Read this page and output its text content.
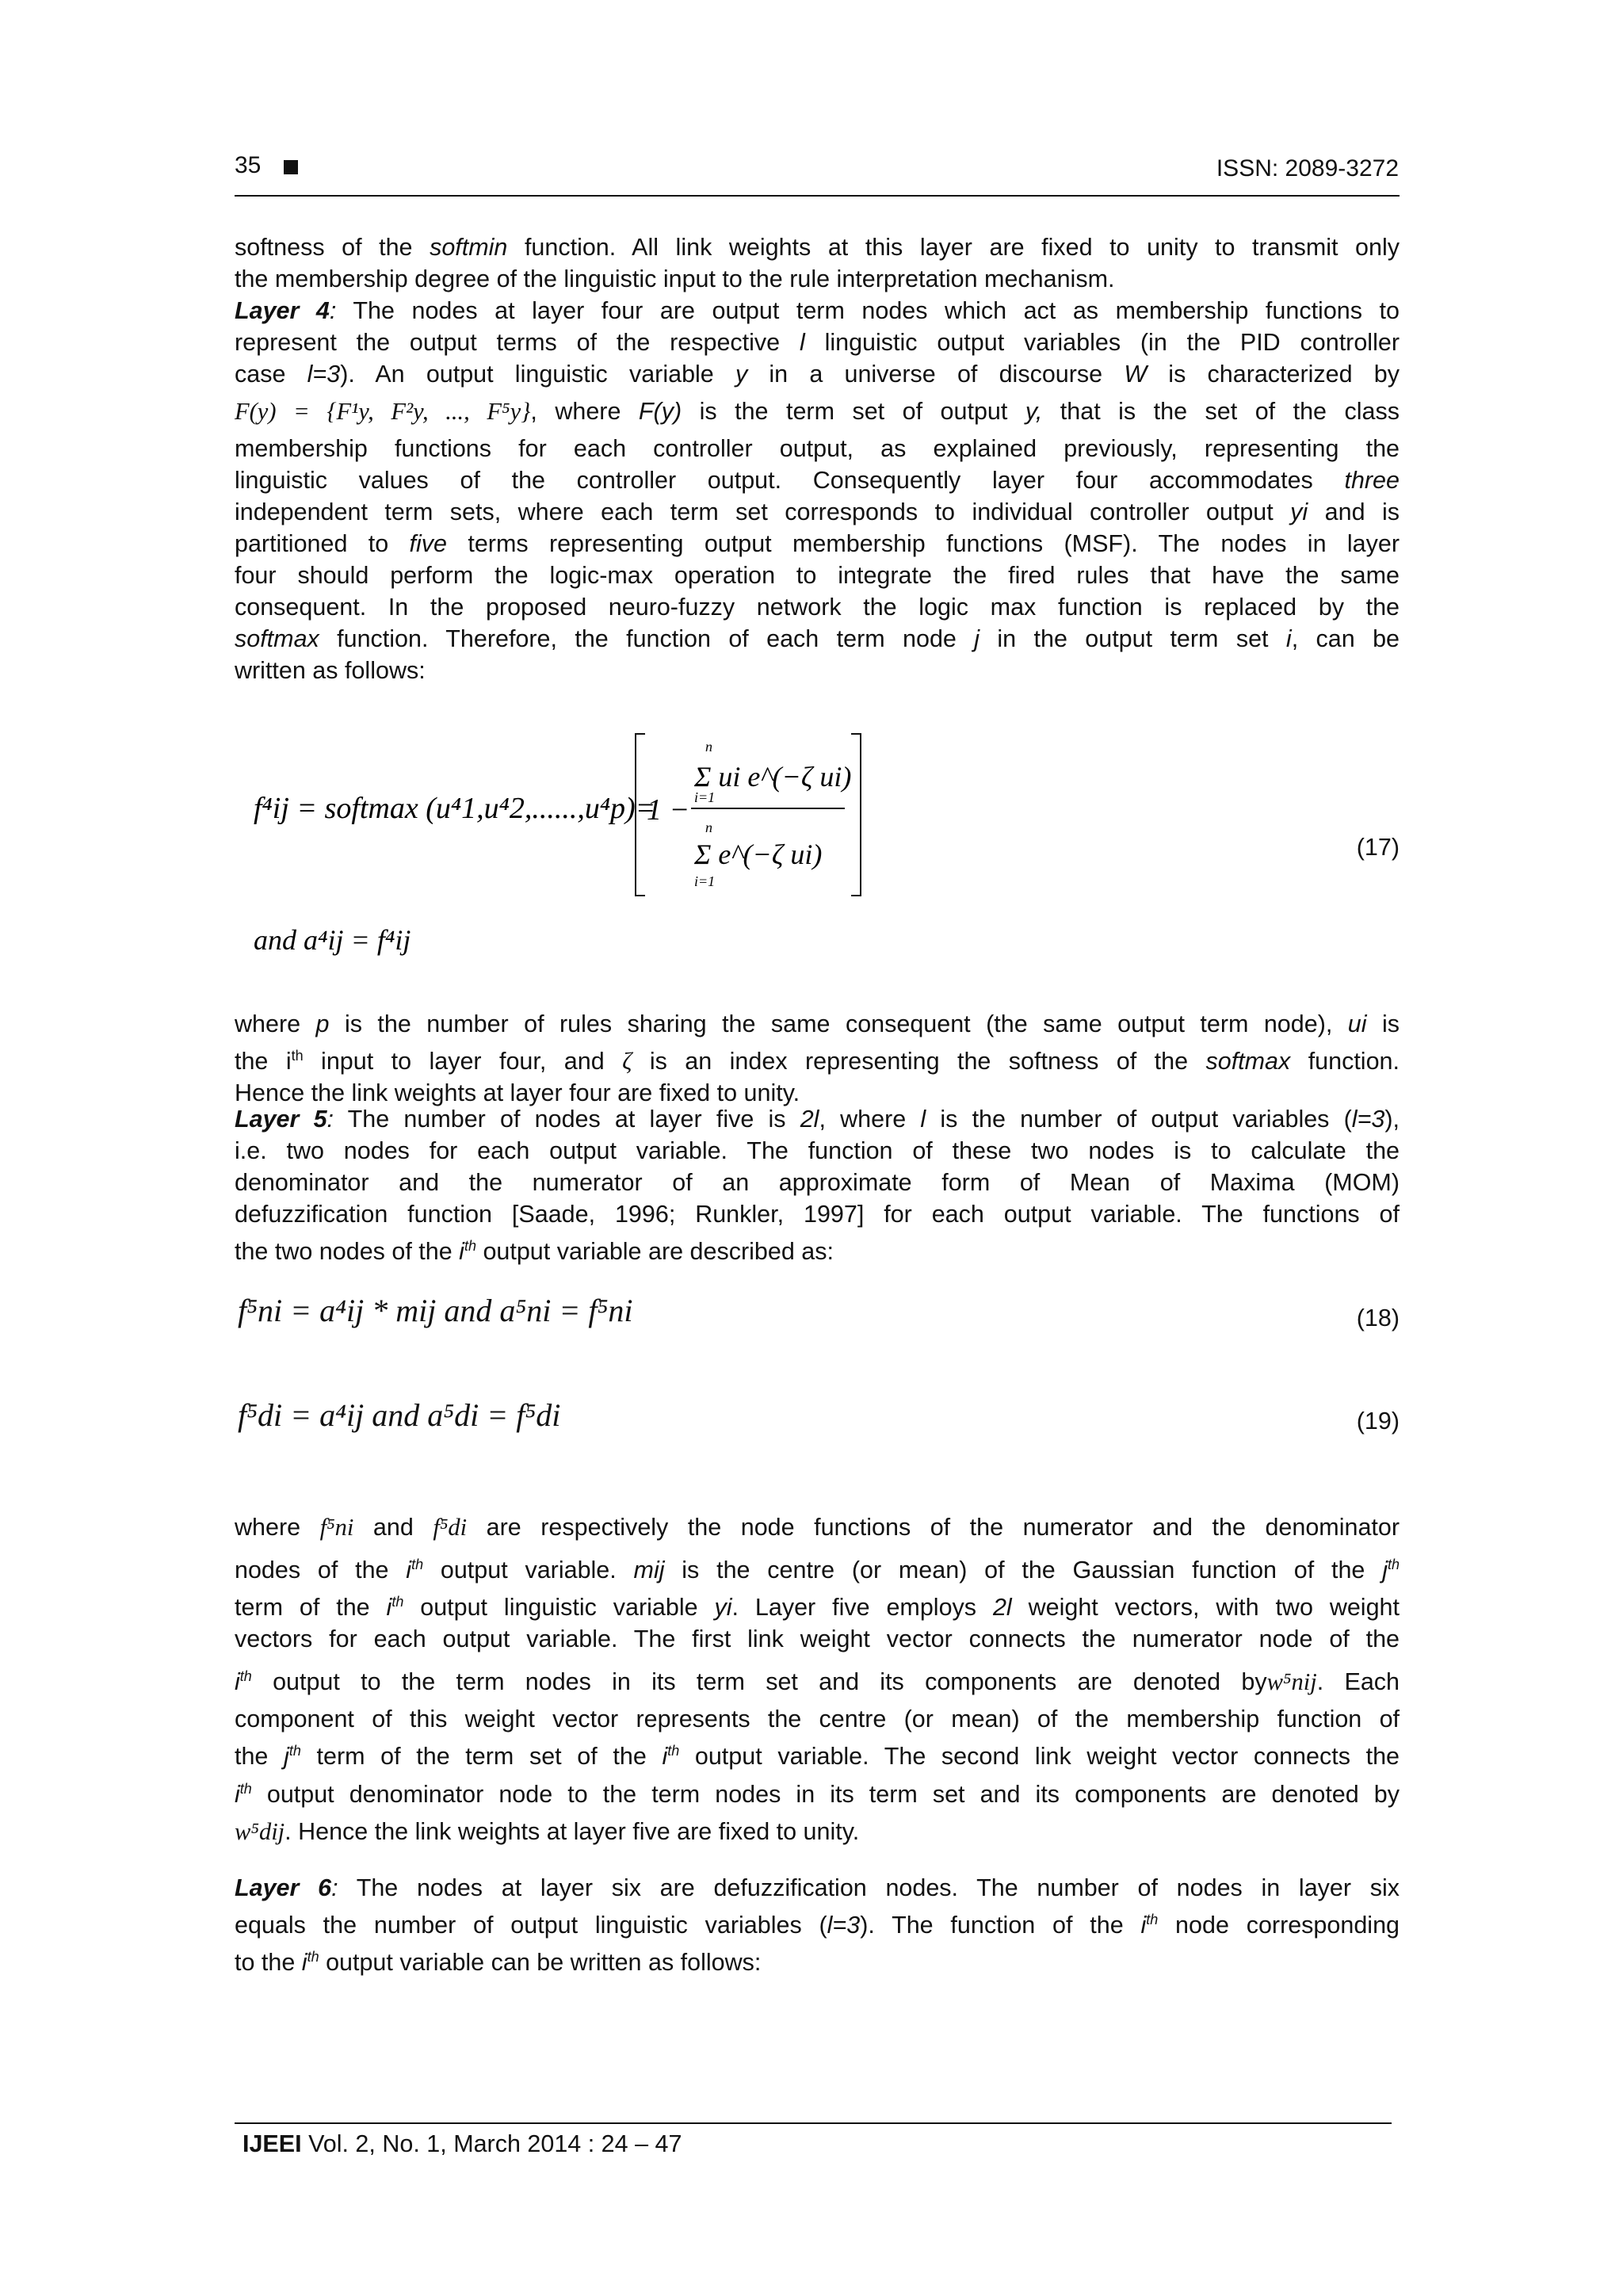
35	ISSN: 2089-3272
softness of the softmin function. All link weights at this layer are fixed to unity to transmit only
the membership degree of the linguistic input to the rule interpretation mechanism.
Layer 4: The nodes at layer four are output term nodes which act as membership functions to
represent the output terms of the respective l linguistic output variables (in the PID controller
case l=3). An output linguistic variable y in a universe of discourse W is characterized by
F(y) = {F¹y, F²y, ..., F⁵y}, where F(y) is the term set of output y, that is the set of the class
membership functions for each controller output, as explained previously, representing the
linguistic values of the controller output. Consequently layer four accommodates three
independent term sets, where each term set corresponds to individual controller output yi and is
partitioned to five terms representing output membership functions (MSF). The nodes in layer
four should perform the logic-max operation to integrate the fired rules that have the same
consequent. In the proposed neuro-fuzzy network the logic max function is replaced by the
softmax function. Therefore, the function of each term node j in the output term set i, can be
written as follows:
f⁴ij = softmax (u⁴1,u⁴2,......,u⁴p)=
1 −
n
i=1
Σ ui e^(−ζ ui)
n
i=1
Σ e^(−ζ ui)
and a⁴ij = f⁴ij
(17)
where p is the number of rules sharing the same consequent (the same output term node), ui is
the $i^{th}$ input to layer four, and ζ is an index representing the softness of the softmax function.
Hence the link weights at layer four are fixed to unity.
Layer 5: The number of nodes at layer five is 2l, where l is the number of output variables (l=3),
i.e. two nodes for each output variable. The function of these two nodes is to calculate the
denominator and the numerator of an approximate form of Mean of Maxima (MOM)
defuzzification function [Saade, 1996; Runkler, 1997] for each output variable. The functions of
the two nodes of the $i^{th}$ output variable are described as:
f⁵ni = a⁴ij * mij and a⁵ni = f⁵ni	(18)
f⁵di = a⁴ij and a⁵di = f⁵di	(19)
where f⁵ni and f⁵di are respectively the node functions of the numerator and the denominator
nodes of the $i^{th}$ output variable. mij is the centre (or mean) of the Gaussian function of the $j^{th}$
term of the $i^{th}$ output linguistic variable yi. Layer five employs 2l weight vectors, with two weight
vectors for each output variable. The first link weight vector connects the numerator node of the
$i^{th}$ output to the term nodes in its term set and its components are denoted byw⁵nij. Each
component of this weight vector represents the centre (or mean) of the membership function of
the $j^{th}$ term of the term set of the $i^{th}$ output variable. The second link weight vector connects the
$i^{th}$ output denominator node to the term nodes in its term set and its components are denoted by
w⁵dij. Hence the link weights at layer five are fixed to unity.
Layer 6: The nodes at layer six are defuzzification nodes. The number of nodes in layer six
equals the number of output linguistic variables (l=3). The function of the $i^{th}$ node corresponding
to the $i^{th}$ output variable can be written as follows:
IJEEI Vol. 2, No. 1, March 2014 : 24 – 47
